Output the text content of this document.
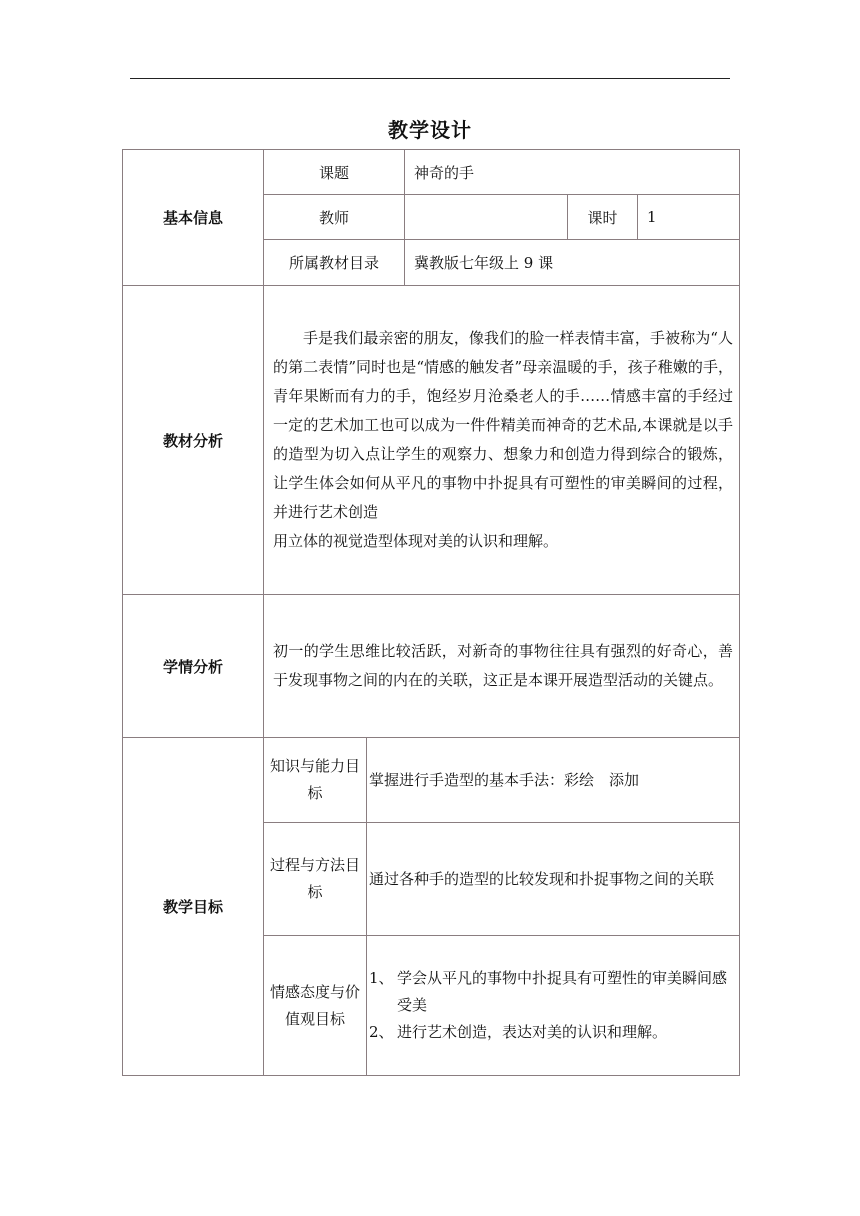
教学设计
基本信息	课题		神奇的手		
	教师			课时	1
	所属教材目录		冀教版七年级上 9 课		
教材分析	手是我们最亲密的朋友，像我们的脸一样表情丰富，手被称为“人的第二表情”同时也是“情感的触发者”母亲温暖的手，孩子稚嫩的手，青年果断而有力的手，饱经岁月沧桑老人的手……情感丰富的手经过一定的艺术加工也可以成为一件件精美而神奇的艺术品,本课就是以手的造型为切入点让学生的观察力、想象力和创造力得到综合的锻炼，让学生体会如何从平凡的事物中扑捉具有可塑性的审美瞬间的过程，并进行艺术创造
用立体的视觉造型体现对美的认识和理解。				

学情分析	初一的学生思维比较活跃，对新奇的事物往往具有强烈的好奇心，善于发现事物之间的内在的关联，这正是本课开展造型活动的关键点。				
教学目标	知识与能力目标	掌握进行手造型的基本手法：彩绘　添加			
	过程与方法目标	通过各种手的造型的比较发现和扑捉事物之间的关联			
	情感态度与价值观目标	1、 学会从平凡的事物中扑捉具有可塑性的审美瞬间感受美
2、 进行艺术创造，表达对美的认识和理解。			
